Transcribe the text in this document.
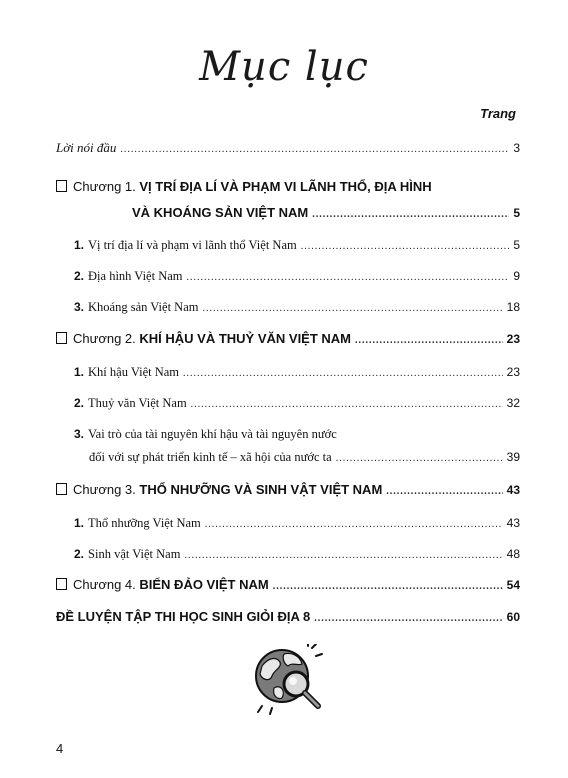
Mục lục
Trang
Lời nói đầu .....	3
Chương 1. VỊ TRÍ ĐỊA LÍ VÀ PHẠM VI LÃNH THỔ, ĐỊA HÌNH
VÀ KHOÁNG SẢN VIỆT NAM .....	5
1. Vị trí địa lí và phạm vi lãnh thổ Việt Nam .....	5
2. Địa hình Việt Nam .....	9
3. Khoáng sản Việt Nam .....	18
Chương 2. KHÍ HẬU VÀ THUỶ VĂN VIỆT NAM .....	23
1. Khí hậu Việt Nam .....	23
2. Thuỷ văn Việt Nam .....	32
3. Vai trò của tài nguyên khí hậu và tài nguyên nước
đối với sự phát triển kinh tế – xã hội của nước ta .....	39
Chương 3. THỔ NHƯỠNG VÀ SINH VẬT VIỆT NAM .....	43
1. Thổ nhưỡng Việt Nam .....	43
2. Sinh vật Việt Nam .....	48
Chương 4. BIỂN ĐẢO VIỆT NAM .....	54
ĐỀ LUYỆN TẬP THI HỌC SINH GIỎI ĐỊA 8 .....	60
4
